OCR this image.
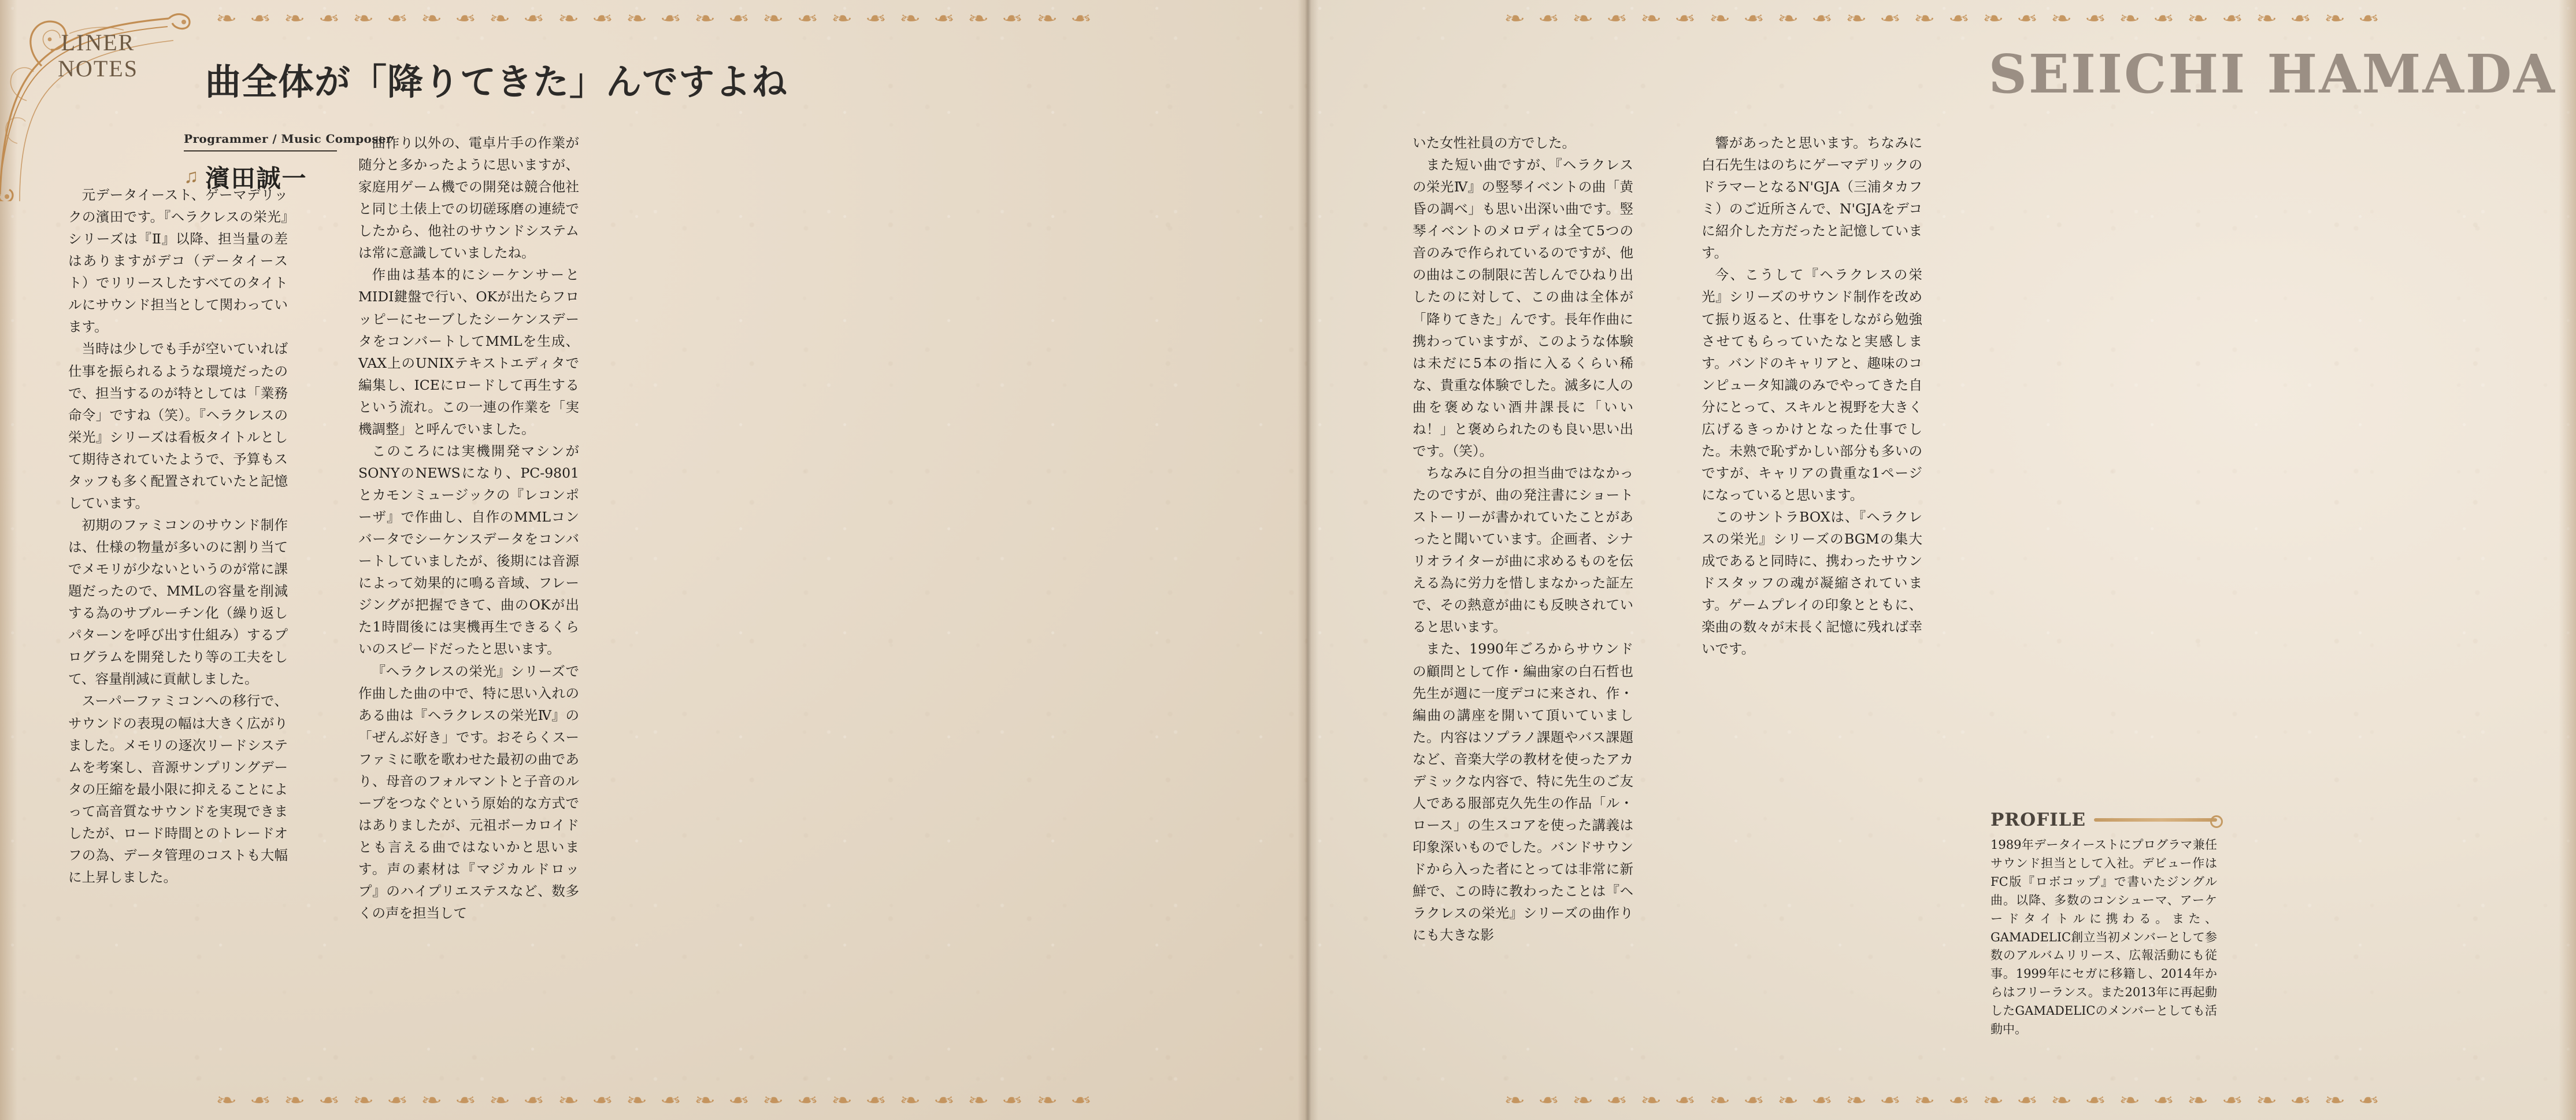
❧ ❧ ❧ ❧ ❧ ❧ ❧ ❧ ❧ ❧ ❧ ❧ ❧ ❧ ❧ ❧ ❧ ❧ ❧ ❧ ❧ ❧ ❧ ❧ ❧ ❧
❧ ❧ ❧ ❧ ❧ ❧ ❧ ❧ ❧ ❧ ❧ ❧ ❧ ❧ ❧ ❧ ❧ ❧ ❧ ❧ ❧ ❧ ❧ ❧ ❧ ❧
LINER
NOTES	曲全体が「降りてきた」んですよね
Programmer / Music Composer
♫ 濱田誠一

元データイースト、ゲーマデリックの濱田です。『ヘラクレスの栄光』シリーズは『Ⅱ』以降、担当量の差はありますがデコ（データイースト）でリリースしたすべてのタイトルにサウンド担当として関わっています。

当時は少しでも手が空いていれば仕事を振られるような環境だったので、担当するのが特としては「業務命令」ですね（笑）。『ヘラクレスの栄光』シリーズは看板タイトルとして期待されていたようで、予算もスタッフも多く配置されていたと記憶しています。

初期のファミコンのサウンド制作は、仕様の物量が多いのに割り当てでメモリが少ないというのが常に課題だったので、MMLの容量を削減する為のサブルーチン化（繰り返しパターンを呼び出す仕組み）するプログラムを開発したり等の工夫をして、容量削減に貢献しました。

スーパーファミコンへの移行で、サウンドの表現の幅は大きく広がりました。メモリの逐次リードシステムを考案し、音源サンプリングデータの圧縮を最小限に抑えることによって高音質なサウンドを実現できましたが、ロード時間とのトレードオフの為、データ管理のコストも大幅に上昇しました。

曲作り以外の、電卓片手の作業が随分と多かったように思いますが、家庭用ゲーム機での開発は競合他社と同じ土俵上での切磋琢磨の連続でしたから、他社のサウンドシステムは常に意識していましたね。

作曲は基本的にシーケンサーとMIDI鍵盤で行い、OKが出たらフロッピーにセーブしたシーケンスデータをコンバートしてMMLを生成、VAX上のUNIXテキストエディタで編集し、ICEにロードして再生するという流れ。この一連の作業を「実機調整」と呼んでいました。

このころには実機開発マシンがSONYのNEWSになり、PC-9801とカモンミュージックの『レコンポーザ』で作曲し、自作のMMLコンバータでシーケンスデータをコンバートしていましたが、後期には音源によって効果的に鳴る音域、フレージングが把握できて、曲のOKが出た1時間後には実機再生できるくらいのスピードだったと思います。

『ヘラクレスの栄光』シリーズで作曲した曲の中で、特に思い入れのある曲は『ヘラクレスの栄光Ⅳ』の「ぜんぶ好き」です。おそらくスーファミに歌を歌わせた最初の曲であり、母音のフォルマントと子音のループをつなぐという原始的な方式ではありましたが、元祖ボーカロイドとも言える曲ではないかと思います。声の素材は『マジカルドロップ』のハイプリエステスなど、数多くの声を担当して

❧ ❧ ❧ ❧ ❧ ❧ ❧ ❧ ❧ ❧ ❧ ❧ ❧ ❧ ❧ ❧ ❧ ❧ ❧ ❧ ❧ ❧ ❧ ❧ ❧ ❧
❧ ❧ ❧ ❧ ❧ ❧ ❧ ❧ ❧ ❧ ❧ ❧ ❧ ❧ ❧ ❧ ❧ ❧ ❧ ❧ ❧ ❧ ❧ ❧ ❧ ❧
SEIICHI HAMADA

いた女性社員の方でした。

また短い曲ですが、『ヘラクレスの栄光Ⅳ』の竪琴イベントの曲「黄昏の調べ」も思い出深い曲です。竪琴イベントのメロディは全て5つの音のみで作られているのですが、他の曲はこの制限に苦しんでひねり出したのに対して、この曲は全体が「降りてきた」んです。長年作曲に携わっていますが、このような体験は未だに5本の指に入るくらい稀な、貴重な体験でした。滅多に人の曲を褒めない酒井課長に「いいね！」と褒められたのも良い思い出です。（笑）。

ちなみに自分の担当曲ではなかったのですが、曲の発注書にショートストーリーが書かれていたことがあったと聞いています。企画者、シナリオライターが曲に求めるものを伝える為に労力を惜しまなかった証左で、その熱意が曲にも反映されていると思います。

また、1990年ごろからサウンドの顧問として作・編曲家の白石哲也先生が週に一度デコに来され、作・編曲の講座を開いて頂いていました。内容はソプラノ課題やバス課題など、音楽大学の教材を使ったアカデミックな内容で、特に先生のご友人である服部克久先生の作品「ル・ロース」の生スコアを使った講義は印象深いものでした。バンドサウンドから入った者にとっては非常に新鮮で、この時に教わったことは『ヘラクレスの栄光』シリーズの曲作りにも大きな影

響があったと思います。ちなみに白石先生はのちにゲーマデリックのドラマーとなるN'GJA（三浦タカフミ）のご近所さんで、N'GJAをデコに紹介した方だったと記憶しています。

今、こうして『ヘラクレスの栄光』シリーズのサウンド制作を改めて振り返ると、仕事をしながら勉強させてもらっていたなと実感します。バンドのキャリアと、趣味のコンピュータ知識のみでやってきた自分にとって、スキルと視野を大きく広げるきっかけとなった仕事でした。未熟で恥ずかしい部分も多いのですが、キャリアの貴重な1ページになっていると思います。

このサントラBOXは、『ヘラクレスの栄光』シリーズのBGMの集大成であると同時に、携わったサウンドスタッフの魂が凝縮されています。ゲームプレイの印象とともに、楽曲の数々が末長く記憶に残れば幸いです。

PROFILE

1989年データイーストにプログラマ兼任サウンド担当として入社。デビュー作はFC版『ロボコップ』で書いたジングル曲。以降、多数のコンシューマ、アーケードタイトルに携わる。また、GAMADELIC創立当初メンバーとして参数のアルバムリリース、広報活動にも従事。1999年にセガに移籍し、2014年からはフリーランス。また2013年に再起動したGAMADELICのメンバーとしても活動中。
